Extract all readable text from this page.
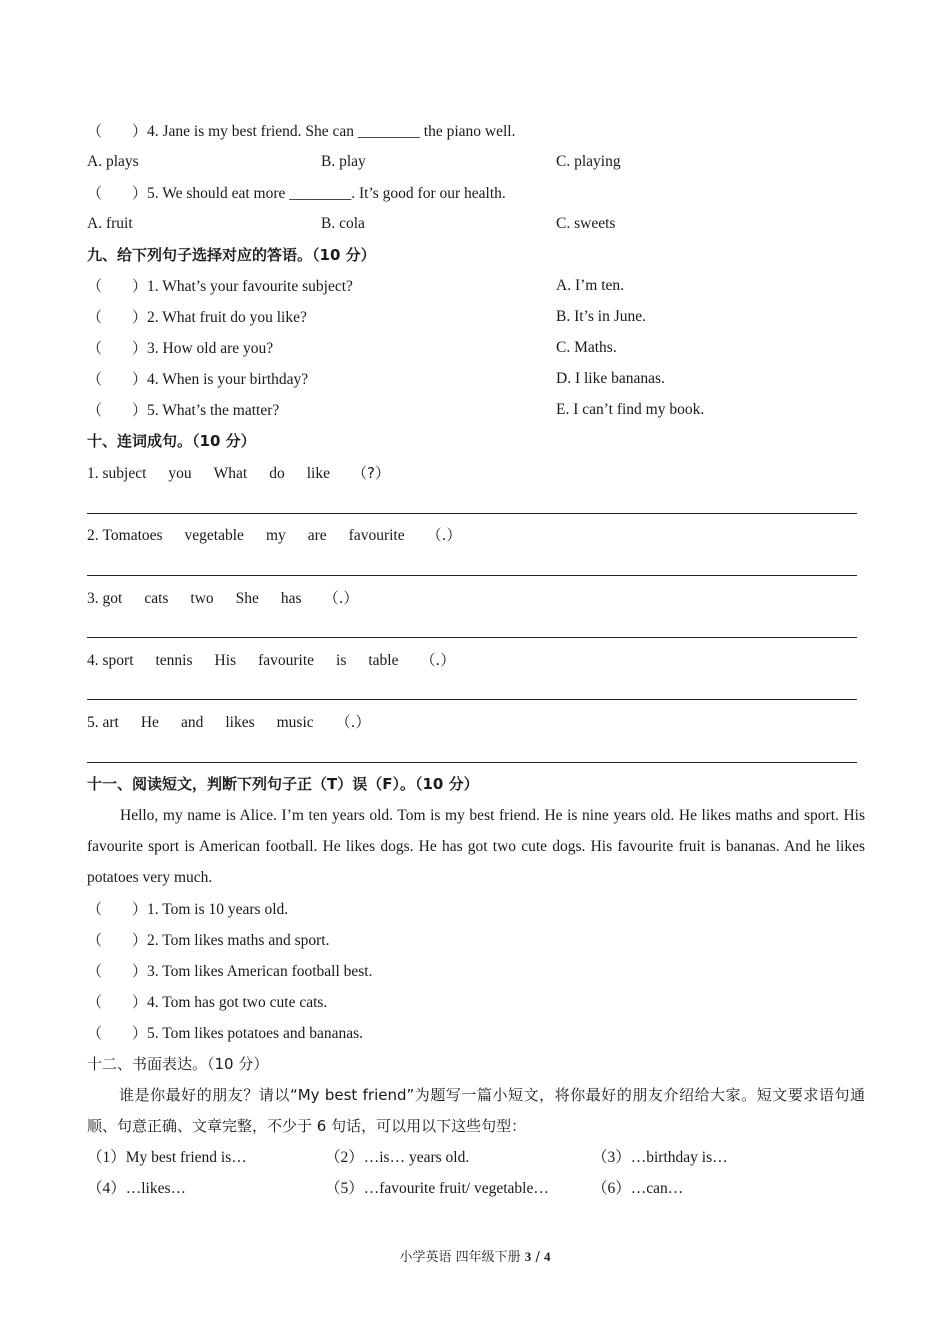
（　　）4. Jane is my best friend. She can ________ the piano well.
A. plays	B. play	C. playing
（　　）5. We should eat more ________. It’s good for our health.
A. fruit	B. cola	C. sweets
九、给下列句子选择对应的答语。（10 分）
（　　）1. What’s your favourite subject?	A. I’m ten.
（　　）2. What fruit do you like?	B. It’s in June.
（　　）3. How old are you?	C. Maths.
（　　）4. When is your birthday?	D. I like bananas.
（　　）5. What’s the matter?	E. I can’t find my book.
十、连词成句。（10 分）
1. subject you What do like （?）
2. Tomatoes vegetable my are favourite （.）
3. got cats two She has （.）
4. sport tennis His favourite is table （.）
5. art He and likes music （.）
十一、阅读短文，判断下列句子正（T）误（F）。（10 分）
Hello, my name is Alice. I’m ten years old. Tom is my best friend. He is nine years old. He likes maths and sport. His favourite sport is American football. He likes dogs. He has got two cute dogs. His favourite fruit is bananas. And he likes potatoes very much.
（　　）1. Tom is 10 years old.
（　　）2. Tom likes maths and sport.
（　　）3. Tom likes American football best.
（　　）4. Tom has got two cute cats.
（　　）5. Tom likes potatoes and bananas.
十二、书面表达。（10 分）
谁是你最好的朋友？请以“My best friend”为题写一篇小短文，将你最好的朋友介绍给大家。短文要求语句通顺、句意正确、文章完整，不少于 6 句话，可以用以下这些句型：
（1）My best friend is…	（2）…is… years old.	（3）…birthday is…
（4）…likes…	（5）…favourite fruit/ vegetable…	（6）…can…
小学英语 四年级下册 3 / 4
